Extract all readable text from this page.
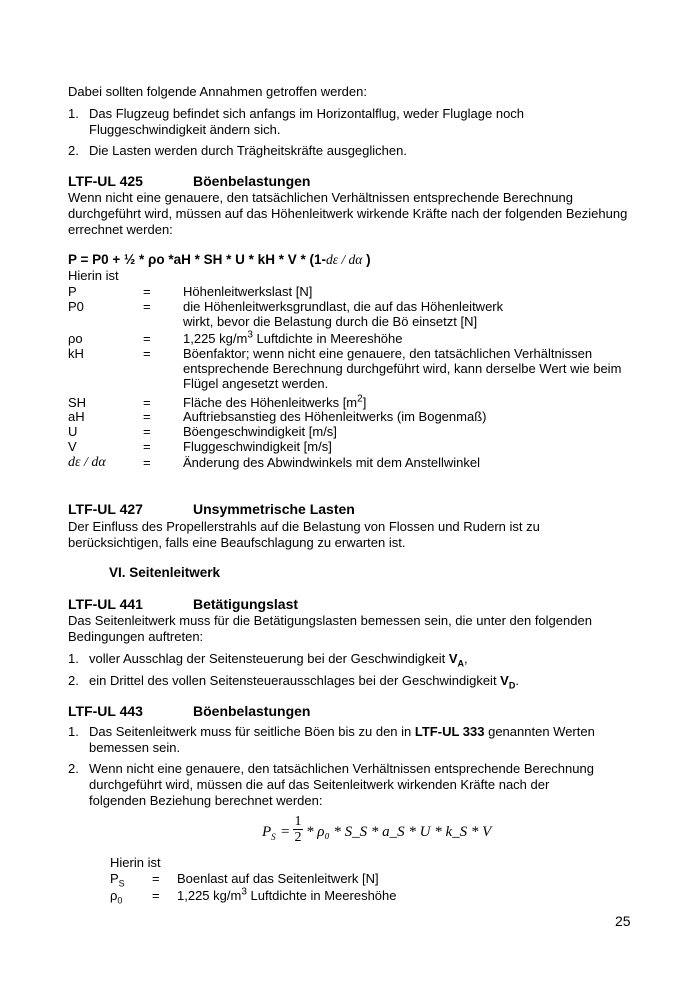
Dabei sollten folgende Annahmen getroffen werden:
1. Das Flugzeug befindet sich anfangs im Horizontalflug, weder Fluglage noch Fluggeschwindigkeit ändern sich.
2. Die Lasten werden durch Trägheitskräfte ausgeglichen.
LTF-UL 425	Böenbelastungen
Wenn nicht eine genauere, den tatsächlichen Verhältnissen entsprechende Berechnung durchgeführt wird, müssen auf das Höhenleitwerk wirkende Kräfte nach der folgenden Beziehung errechnet werden:
P = P0 + ½ * ρo *aH * SH * U * kH * V * (1-dε / dα )
Hierin ist
P	= Höhenleitwerkslast [N]
P0	= die Höhenleitwerksgrundlast, die auf das Höhenleitwerk wirkt, bevor die Belastung durch die Bö einsetzt [N]
ρo	= 1,225 $kg/m^3$ Luftdichte in Meereshöhe
kH	= Böenfaktor; wenn nicht eine genauere, den tatsächlichen Verhältnissen entsprechende Berechnung durchgeführt wird, kann derselbe Wert wie beim Flügel angesetzt werden.
SH	= Fläche des Höhenleitwerks $[m^2]$
aH	= Auftriebsanstieg des Höhenleitwerks (im Bogenmaß)
U	= Böengeschwindigkeit [m/s]
V	= Fluggeschwindigkeit [m/s]
dε / dα	= Änderung des Abwindwinkels mit dem Anstellwinkel
LTF-UL 427	Unsymmetrische Lasten
Der Einfluss des Propellerstrahls auf die Belastung von Flossen und Rudern ist zu berücksichtigen, falls eine Beaufschlagung zu erwarten ist.
VI. Seitenleitwerk
LTF-UL 441	Betätigungslast
Das Seitenleitwerk muss für die Betätigungslasten bemessen sein, die unter den folgenden Bedingungen auftreten:
1. voller Ausschlag der Seitensteuerung bei der Geschwindigkeit $V_A$,
2. ein Drittel des vollen Seitensteuerausschlages bei der Geschwindigkeit $V_D$.
LTF-UL 443	Böenbelastungen
1. Das Seitenleitwerk muss für seitliche Böen bis zu den in LTF-UL 333 genannten Werten bemessen sein.
2. Wenn nicht eine genauere, den tatsächlichen Verhältnissen entsprechende Berechnung durchgeführt wird, müssen die auf das Seitenleitwerk wirkenden Kräfte nach der folgenden Beziehung berechnet werden:
$P_S = \frac{1}{2} * \rho_0$ * S_S * a_S * U * k_S * V
Hierin ist
$P_S$ = Boenlast auf das Seitenleitwerk [N]
$\rho_0 = 1,225$ $kg/m^3$ Luftdichte in Meereshöhe
25
